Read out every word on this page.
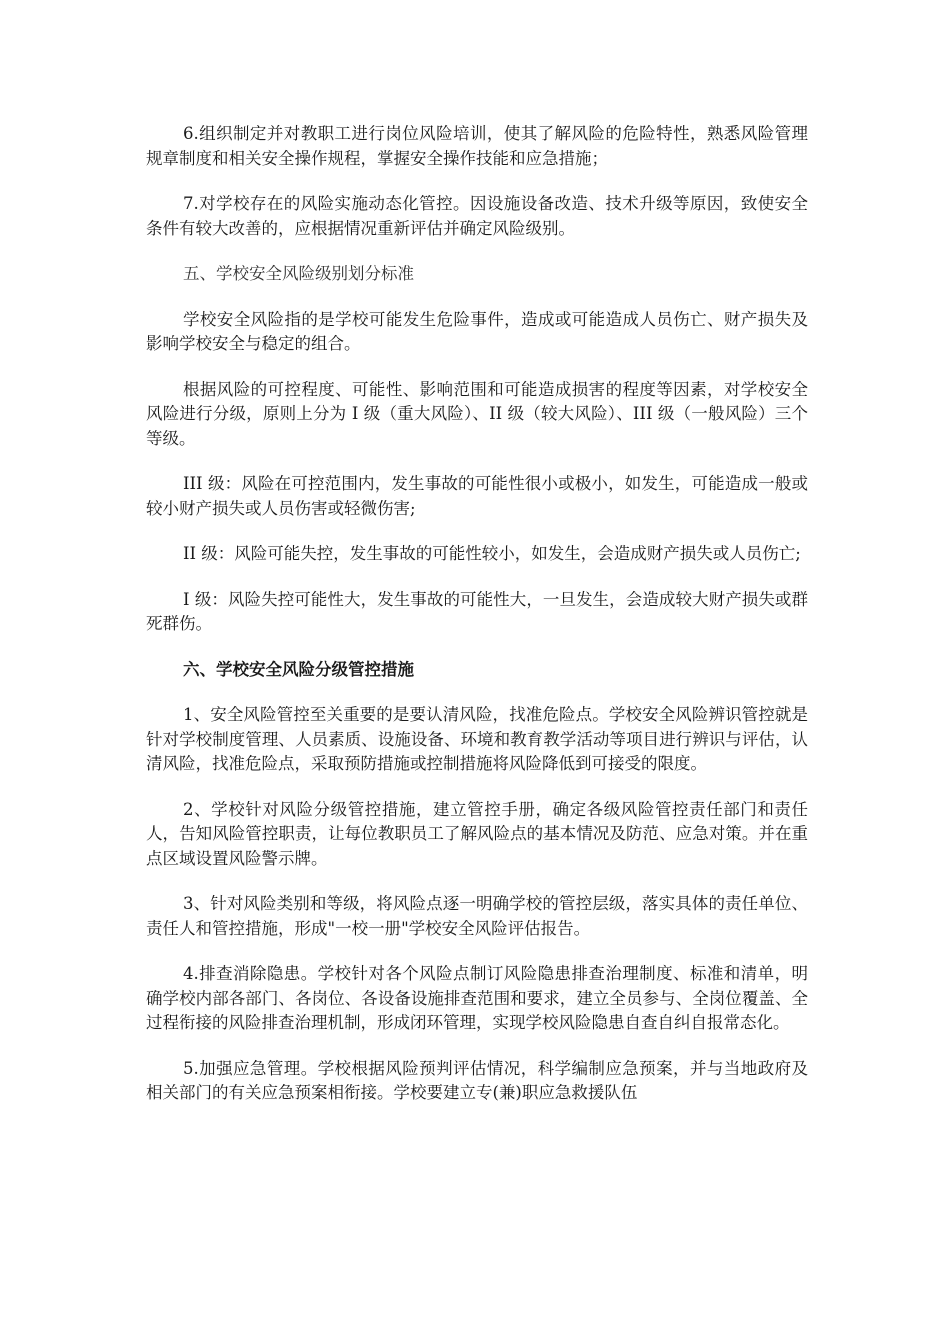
6.组织制定并对教职工进行岗位风险培训，使其了解风险的危险特性，熟悉风险管理规章制度和相关安全操作规程，掌握安全操作技能和应急措施；

7.对学校存在的风险实施动态化管控。因设施设备改造、技术升级等原因，致使安全条件有较大改善的，应根据情况重新评估并确定风险级别。

五、学校安全风险级别划分标准

学校安全风险指的是学校可能发生危险事件，造成或可能造成人员伤亡、财产损失及影响学校安全与稳定的组合。

根据风险的可控程度、可能性、影响范围和可能造成损害的程度等因素，对学校安全风险进行分级，原则上分为 I 级（重大风险）、II 级（较大风险）、III 级（一般风险）三个等级。

III 级：风险在可控范围内，发生事故的可能性很小或极小，如发生，可能造成一般或较小财产损失或人员伤害或轻微伤害;

II 级：风险可能失控，发生事故的可能性较小，如发生，会造成财产损失或人员伤亡;

I 级：风险失控可能性大，发生事故的可能性大，一旦发生，会造成较大财产损失或群死群伤。

六、学校安全风险分级管控措施

1、安全风险管控至关重要的是要认清风险，找准危险点。学校安全风险辨识管控就是针对学校制度管理、人员素质、设施设备、环境和教育教学活动等项目进行辨识与评估，认清风险，找准危险点，采取预防措施或控制措施将风险降低到可接受的限度。

2、学校针对风险分级管控措施，建立管控手册，确定各级风险管控责任部门和责任人，告知风险管控职责，让每位教职员工了解风险点的基本情况及防范、应急对策。并在重点区域设置风险警示牌。

3、针对风险类别和等级，将风险点逐一明确学校的管控层级，落实具体的责任单位、责任人和管控措施，形成"一校一册"学校安全风险评估报告。

4.排查消除隐患。学校针对各个风险点制订风险隐患排查治理制度、标准和清单，明确学校内部各部门、各岗位、各设备设施排查范围和要求，建立全员参与、全岗位覆盖、全过程衔接的风险排查治理机制，形成闭环管理，实现学校风险隐患自查自纠自报常态化。

5.加强应急管理。学校根据风险预判评估情况，科学编制应急预案，并与当地政府及相关部门的有关应急预案相衔接。学校要建立专(兼)职应急救援队伍
